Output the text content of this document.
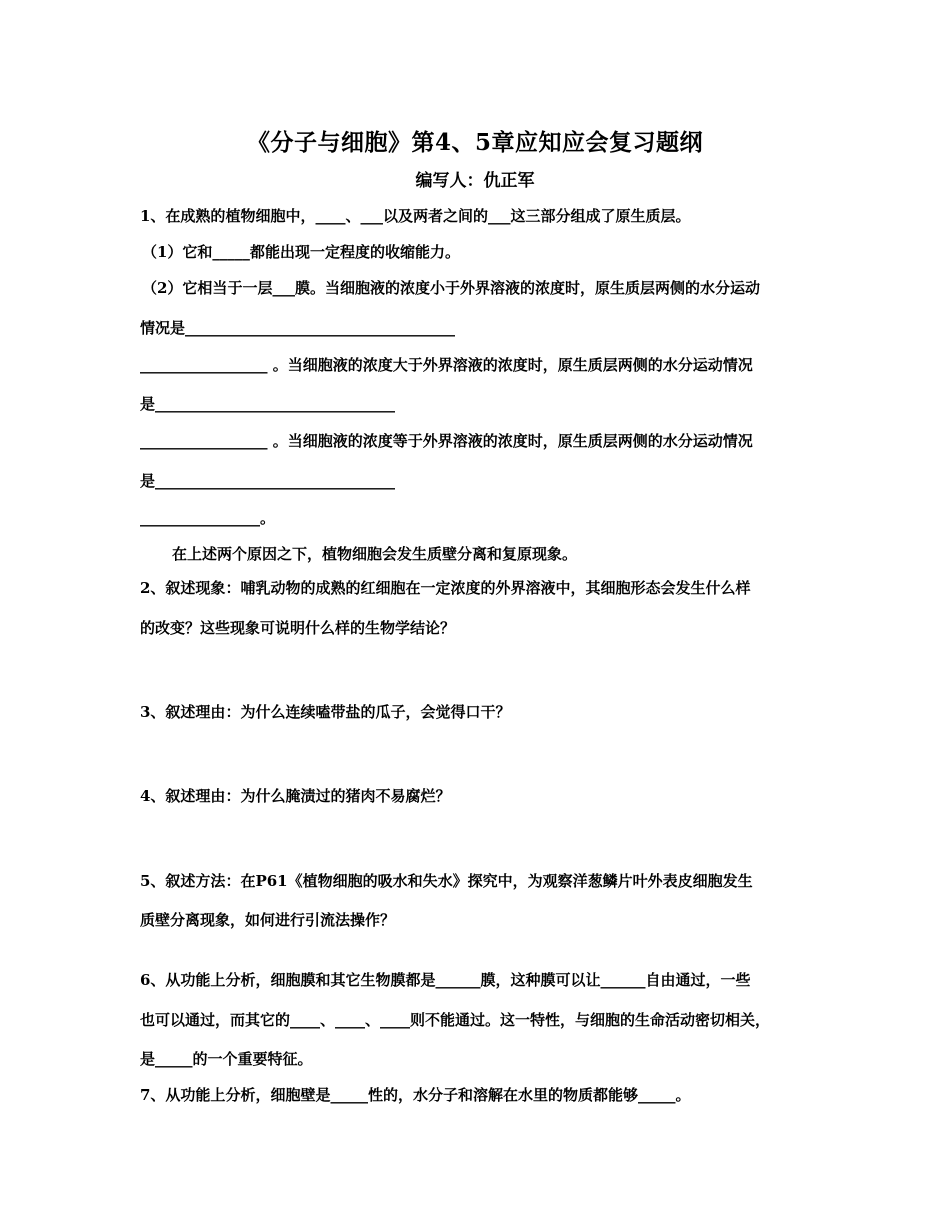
《分子与细胞》第4、5章应知应会复习题纲
编写人：仇正军
1、在成熟的植物细胞中，____、___以及两者之间的___这三部分组成了原生质层。
（1）它和_____都能出现一定程度的收缩能力。
（2）它相当于一层___膜。当细胞液的浓度小于外界溶液的浓度时，原生质层两侧的水分运动
情况是____________________________________
_________________ 。当细胞液的浓度大于外界溶液的浓度时，原生质层两侧的水分运动情况
是________________________________
_________________ 。当细胞液的浓度等于外界溶液的浓度时，原生质层两侧的水分运动情况
是________________________________
________________。
在上述两个原因之下，植物细胞会发生质壁分离和复原现象。
2、叙述现象：哺乳动物的成熟的红细胞在一定浓度的外界溶液中，其细胞形态会发生什么样
的改变？这些现象可说明什么样的生物学结论？
3、叙述理由：为什么连续嗑带盐的瓜子，会觉得口干？
4、叙述理由：为什么腌渍过的猪肉不易腐烂？
5、叙述方法：在P61《植物细胞的吸水和失水》探究中，为观察洋葱鳞片叶外表皮细胞发生
质壁分离现象，如何进行引流法操作？
6、从功能上分析，细胞膜和其它生物膜都是______膜，这种膜可以让______自由通过，一些
也可以通过，而其它的____、____、____则不能通过。这一特性，与细胞的生命活动密切相关，
是_____的一个重要特征。
7、从功能上分析，细胞壁是_____性的，水分子和溶解在水里的物质都能够_____。
